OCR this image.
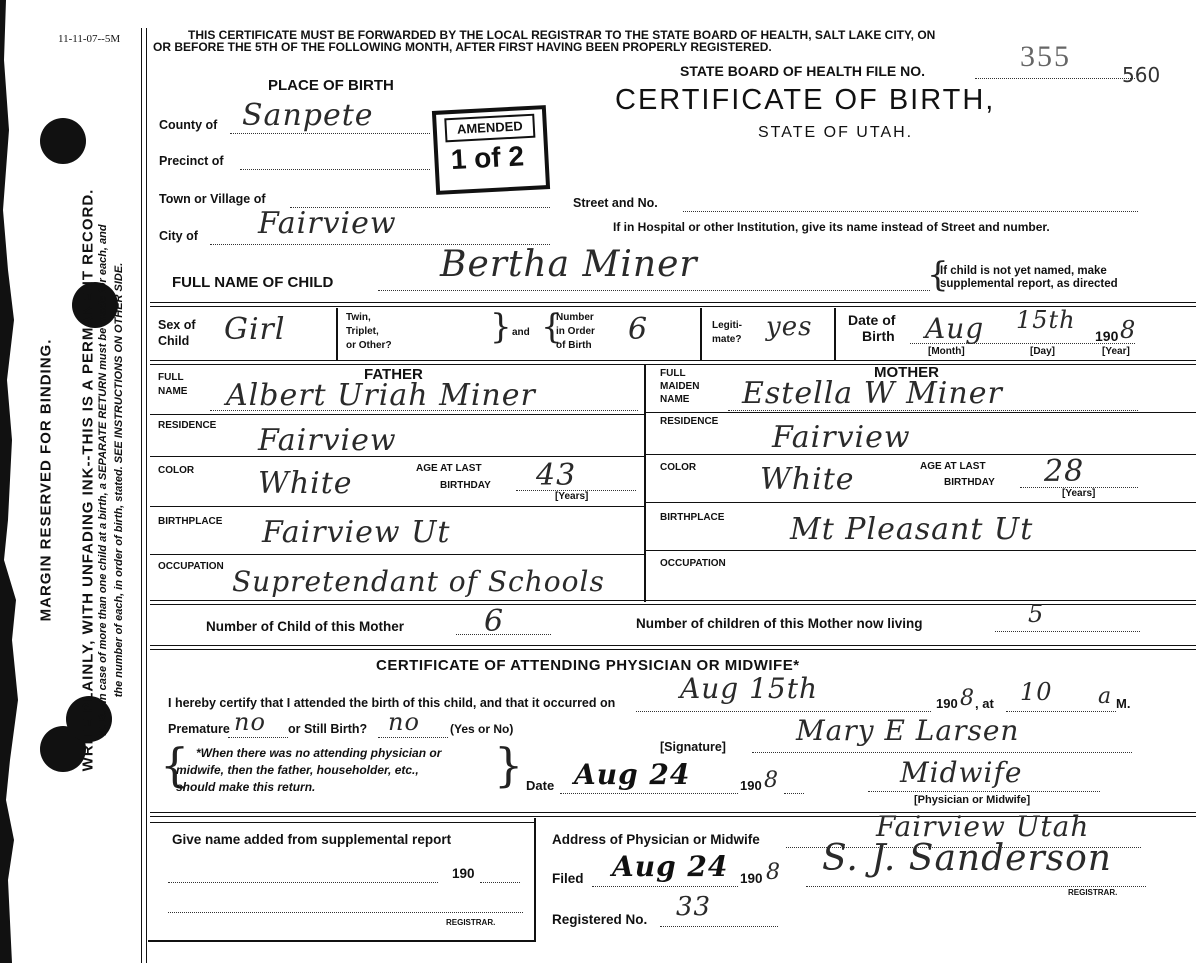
MARGIN RESERVED FOR BINDING. WRITE PLAINLY, WITH UNFADING INK--THIS IS A PERMANENT RECORD. N. B.--In case of more than one child at a birth, a SEPARATE RETURN must be made for each, and the number of each, in order of birth, stated. SEE INSTRUCTIONS ON OTHER SIDE.
11-11-07--5M	THIS CERTIFICATE MUST BE FORWARDED BY THE LOCAL REGISTRAR TO THE STATE BOARD OF HEALTH, SALT LAKE CITY, ON
OR BEFORE THE 5TH OF THE FOLLOWING MONTH, AFTER FIRST HAVING BEEN PROPERLY REGISTERED.
STATE BOARD OF HEALTH FILE NO.	355
560
CERTIFICATE OF BIRTH,
STATE OF UTAH.
PLACE OF BIRTH
County of Sanpete
Precinct of
AMENDED
1 of 2
Town or Village of
City of Fairview
Street and No.
If in Hospital or other Institution, give its name instead of Street and number.
FULL NAME OF CHILD	Bertha Miner	{
If child is not yet named, make
supplemental report, as directed
Sex of
Child Girl	Twin,
Triplet,
or Other?	} and {
Number
in Order
of Birth 6	Legiti-
mate? yes	Date of
Birth Aug 15th
190 8
[Month]	[Day]	[Year]
FATHER
FULL
NAME Albert Uriah Miner
RESIDENCE Fairview
COLOR White	AGE AT LAST
BIRTHDAY 43
[Years]
BIRTHPLACE Fairview Ut
OCCUPATION Supretendant of Schools
MOTHER
FULL
MAIDEN
NAME Estella W Miner
RESIDENCE Fairview
COLOR White	AGE AT LAST
BIRTHDAY 28
[Years]
BIRTHPLACE Mt Pleasant Ut
OCCUPATION
Number of Child of this Mother	6	Number of children of this Mother now living	5
CERTIFICATE OF ATTENDING PHYSICIAN OR MIDWIFE*
I hereby certify that I attended the birth of this child, and that it occurred on Aug 15th	190 8 , at 10 a M.
Premature no or Still Birth? no	(Yes or No)
{ *When there was no attending physician or
midwife, then the father, householder, etc.,
should make this return.	}	[Signature]	Mary E Larsen
Date Aug 24	190 8	Midwife
[Physician or Midwife]
Give name added from supplemental report
190
REGISTRAR.
Address of Physician or Midwife	Fairview Utah
Filed Aug 24 190 8 S. J. Sanderson
REGISTRAR.
Registered No. 33
